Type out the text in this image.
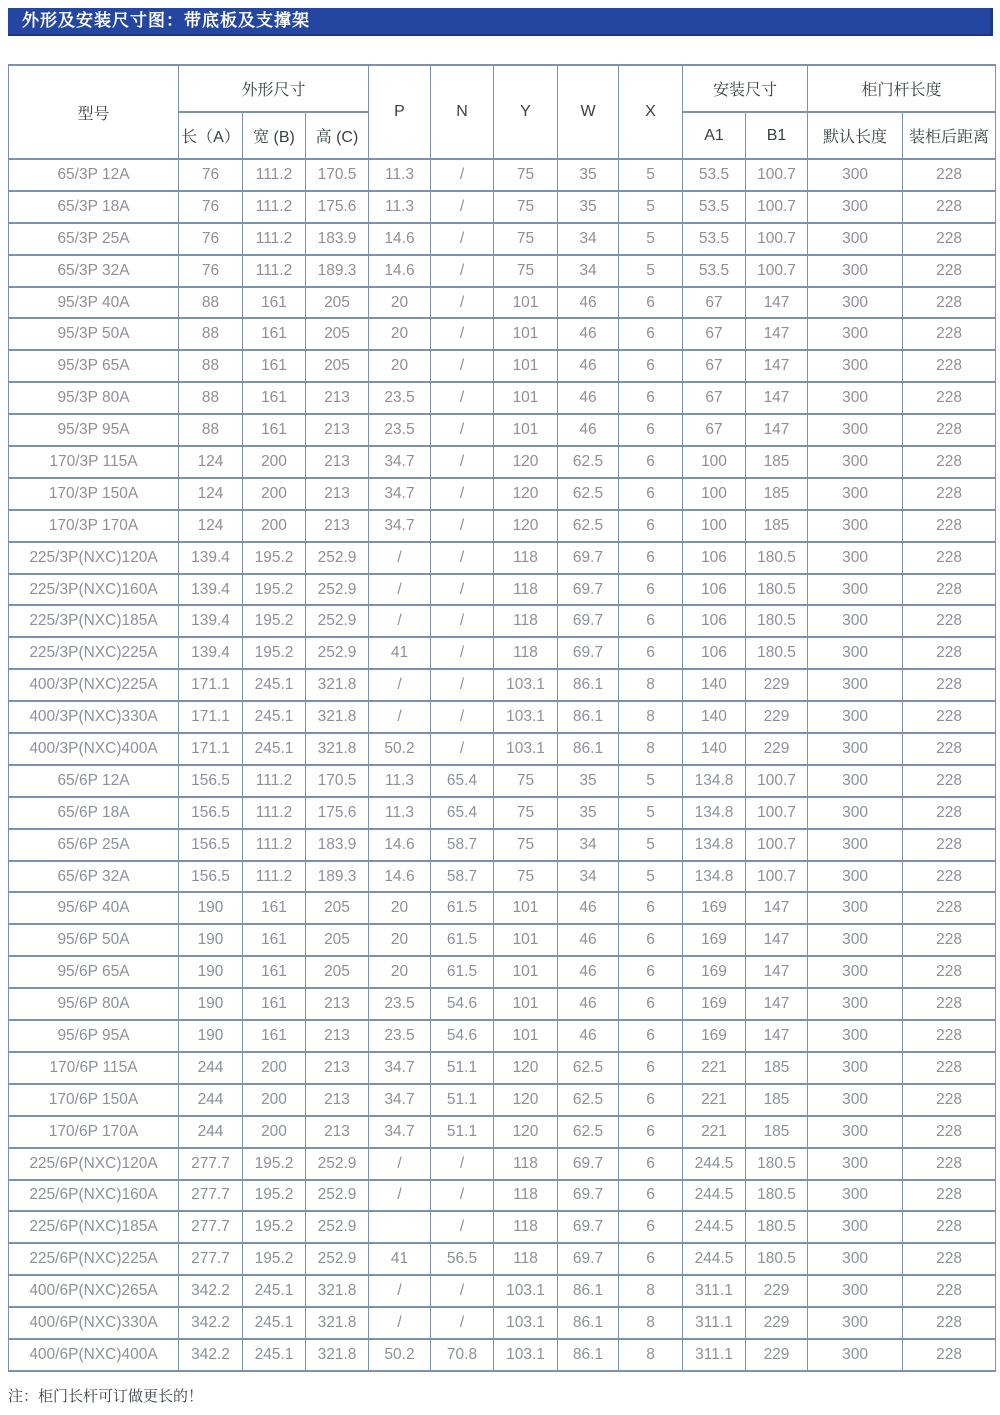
外形及安装尺寸图：带底板及支撑架
型号	外形尺寸			P	N	Y	W	X	安装尺寸		柜门杆长度	
	长（A）	宽 (B)	高 (C)						A1	B1	默认长度	装柜后距离
65/3P 12A	76	111.2	170.5	11.3	/	75	35	5	53.5	100.7	300	228
65/3P 18A	76	111.2	175.6	11.3	/	75	35	5	53.5	100.7	300	228
65/3P 25A	76	111.2	183.9	14.6	/	75	34	5	53.5	100.7	300	228
65/3P 32A	76	111.2	189.3	14.6	/	75	34	5	53.5	100.7	300	228
95/3P 40A	88	161	205	20	/	101	46	6	67	147	300	228
95/3P 50A	88	161	205	20	/	101	46	6	67	147	300	228
95/3P 65A	88	161	205	20	/	101	46	6	67	147	300	228
95/3P 80A	88	161	213	23.5	/	101	46	6	67	147	300	228
95/3P 95A	88	161	213	23.5	/	101	46	6	67	147	300	228
170/3P 115A	124	200	213	34.7	/	120	62.5	6	100	185	300	228
170/3P 150A	124	200	213	34.7	/	120	62.5	6	100	185	300	228
170/3P 170A	124	200	213	34.7	/	120	62.5	6	100	185	300	228
225/3P(NXC)120A	139.4	195.2	252.9	/	/	118	69.7	6	106	180.5	300	228
225/3P(NXC)160A	139.4	195.2	252.9	/	/	118	69.7	6	106	180.5	300	228
225/3P(NXC)185A	139.4	195.2	252.9	/	/	118	69.7	6	106	180.5	300	228
225/3P(NXC)225A	139.4	195.2	252.9	41	/	118	69.7	6	106	180.5	300	228
400/3P(NXC)225A	171.1	245.1	321.8	/	/	103.1	86.1	8	140	229	300	228
400/3P(NXC)330A	171.1	245.1	321.8	/	/	103.1	86.1	8	140	229	300	228
400/3P(NXC)400A	171.1	245.1	321.8	50.2	/	103.1	86.1	8	140	229	300	228
65/6P 12A	156.5	111.2	170.5	11.3	65.4	75	35	5	134.8	100.7	300	228
65/6P 18A	156.5	111.2	175.6	11.3	65.4	75	35	5	134.8	100.7	300	228
65/6P 25A	156.5	111.2	183.9	14.6	58.7	75	34	5	134.8	100.7	300	228
65/6P 32A	156.5	111.2	189.3	14.6	58.7	75	34	5	134.8	100.7	300	228
95/6P 40A	190	161	205	20	61.5	101	46	6	169	147	300	228
95/6P 50A	190	161	205	20	61.5	101	46	6	169	147	300	228
95/6P 65A	190	161	205	20	61.5	101	46	6	169	147	300	228
95/6P 80A	190	161	213	23.5	54.6	101	46	6	169	147	300	228
95/6P 95A	190	161	213	23.5	54.6	101	46	6	169	147	300	228
170/6P 115A	244	200	213	34.7	51.1	120	62.5	6	221	185	300	228
170/6P 150A	244	200	213	34.7	51.1	120	62.5	6	221	185	300	228
170/6P 170A	244	200	213	34.7	51.1	120	62.5	6	221	185	300	228
225/6P(NXC)120A	277.7	195.2	252.9	/	/	118	69.7	6	244.5	180.5	300	228
225/6P(NXC)160A	277.7	195.2	252.9	/	/	118	69.7	6	244.5	180.5	300	228
225/6P(NXC)185A	277.7	195.2	252.9		/	118	69.7	6	244.5	180.5	300	228
225/6P(NXC)225A	277.7	195.2	252.9	41	56.5	118	69.7	6	244.5	180.5	300	228
400/6P(NXC)265A	342.2	245.1	321.8	/	/	103.1	86.1	8	311.1	229	300	228
400/6P(NXC)330A	342.2	245.1	321.8	/	/	103.1	86.1	8	311.1	229	300	228
400/6P(NXC)400A	342.2	245.1	321.8	50.2	70.8	103.1	86.1	8	311.1	229	300	228
注：柜门长杆可订做更长的！
